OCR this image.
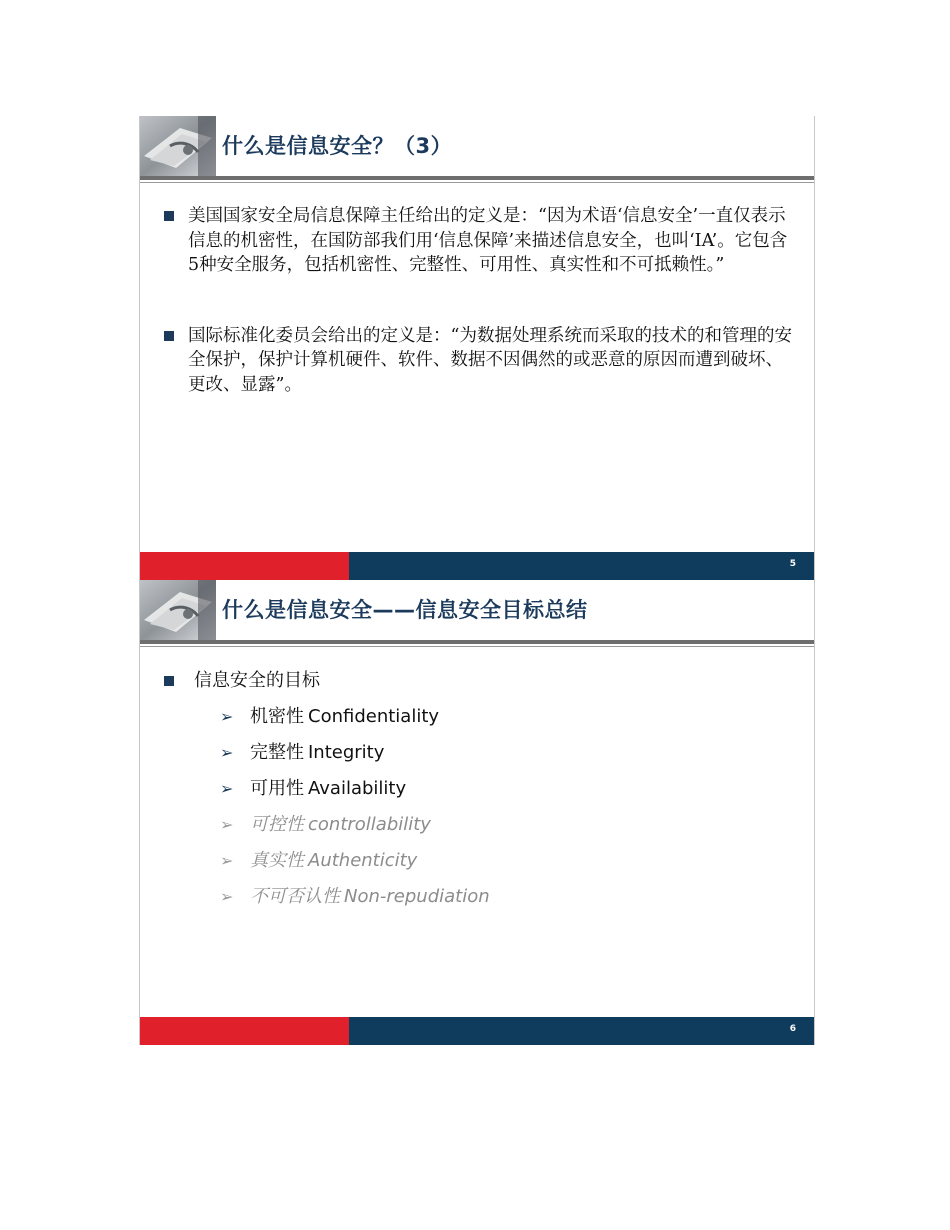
什么是信息安全？（3）
美国国家安全局信息保障主任给出的定义是：“因为术语‘信息安全’一直仅表示信息的机密性，在国防部我们用‘信息保障’来描述信息安全，也叫‘IA’。它包含5种安全服务，包括机密性、完整性、可用性、真实性和不可抵赖性。”
国际标准化委员会给出的定义是：“为数据处理系统而采取的技术的和管理的安全保护，保护计算机硬件、软件、数据不因偶然的或恶意的原因而遭到破坏、更改、显露”。
5
什么是信息安全——信息安全目标总结
信息安全的目标
➢ 机密性 Confidentiality
➢ 完整性 Integrity
➢ 可用性 Availability
➢ 可控性 controllability
➢ 真实性 Authenticity
➢ 不可否认性 Non-repudiation
6
